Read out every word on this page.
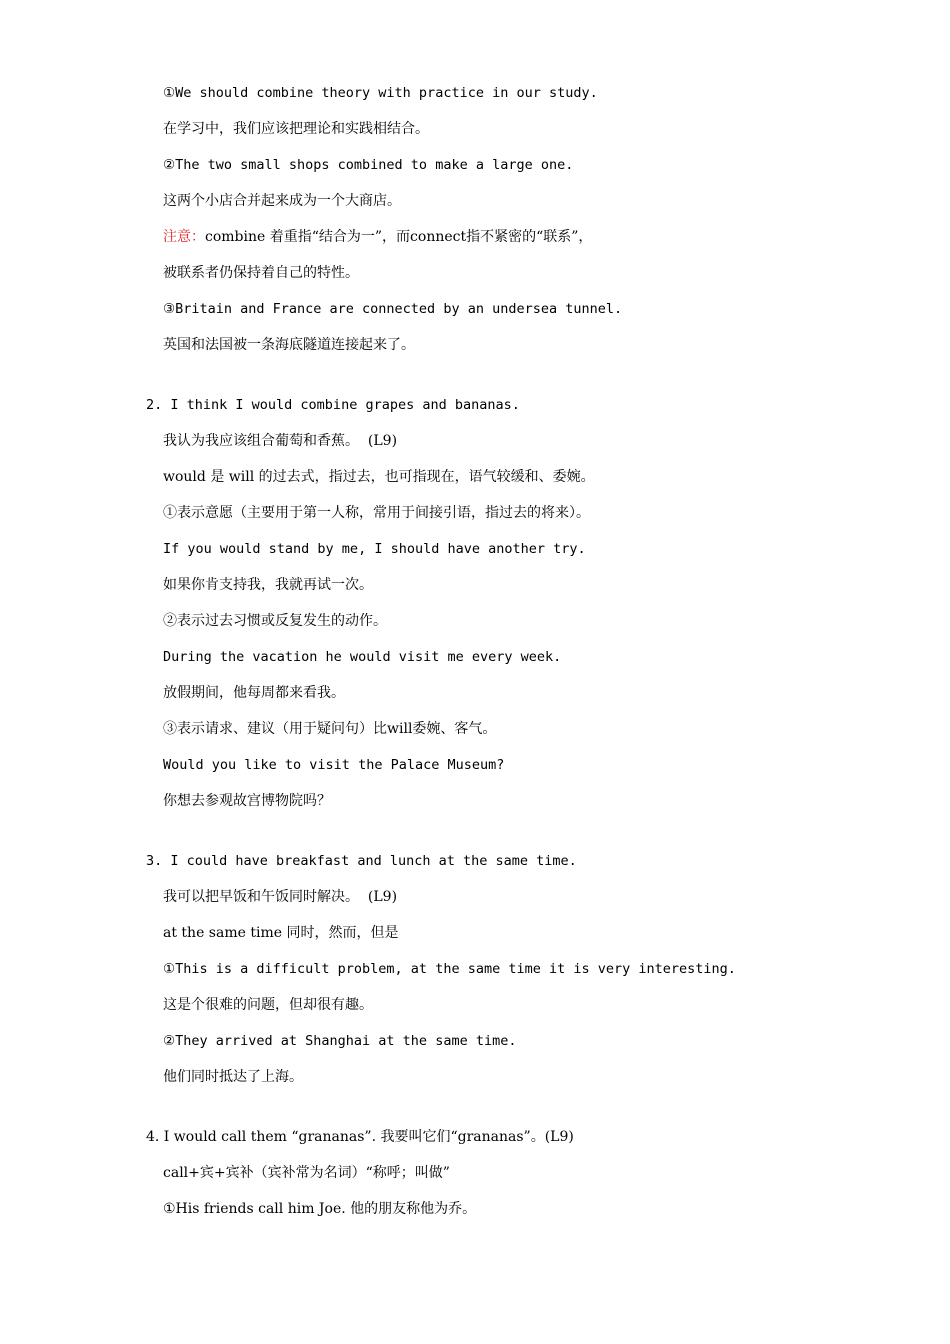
①We should combine theory with practice in our study.
在学习中，我们应该把理论和实践相结合。
②The two small shops combined to make a large one.
这两个小店合并起来成为一个大商店。
注意：combine 着重指“结合为一”，而connect指不紧密的“联系”，
被联系者仍保持着自己的特性。
③Britain and France are connected by an undersea tunnel.
英国和法国被一条海底隧道连接起来了。
2. I think I would combine grapes and bananas.
我认为我应该组合葡萄和香蕉。  (L9)
would 是 will 的过去式，指过去，也可指现在，语气较缓和、委婉。
①表示意愿（主要用于第一人称，常用于间接引语，指过去的将来）。
If you would stand by me, I should have another try.
如果你肯支持我，我就再试一次。
②表示过去习惯或反复发生的动作。
During the vacation he would visit me every week.
放假期间，他每周都来看我。
③表示请求、建议（用于疑问句）比will委婉、客气。
Would you like to visit the Palace Museum?
你想去参观故宫博物院吗？
3. I could have breakfast and lunch at the same time.
我可以把早饭和午饭同时解决。  (L9)
at the same time 同时，然而，但是
①This is a difficult problem, at the same time it is very interesting.
这是个很难的问题，但却很有趣。
②They arrived at Shanghai at the same time.
他们同时抵达了上海。
4. I would call them “grananas”. 我要叫它们“grananas”。(L9)
call+宾+宾补（宾补常为名词）“称呼；叫做”
①His friends call him Joe. 他的朋友称他为乔。
